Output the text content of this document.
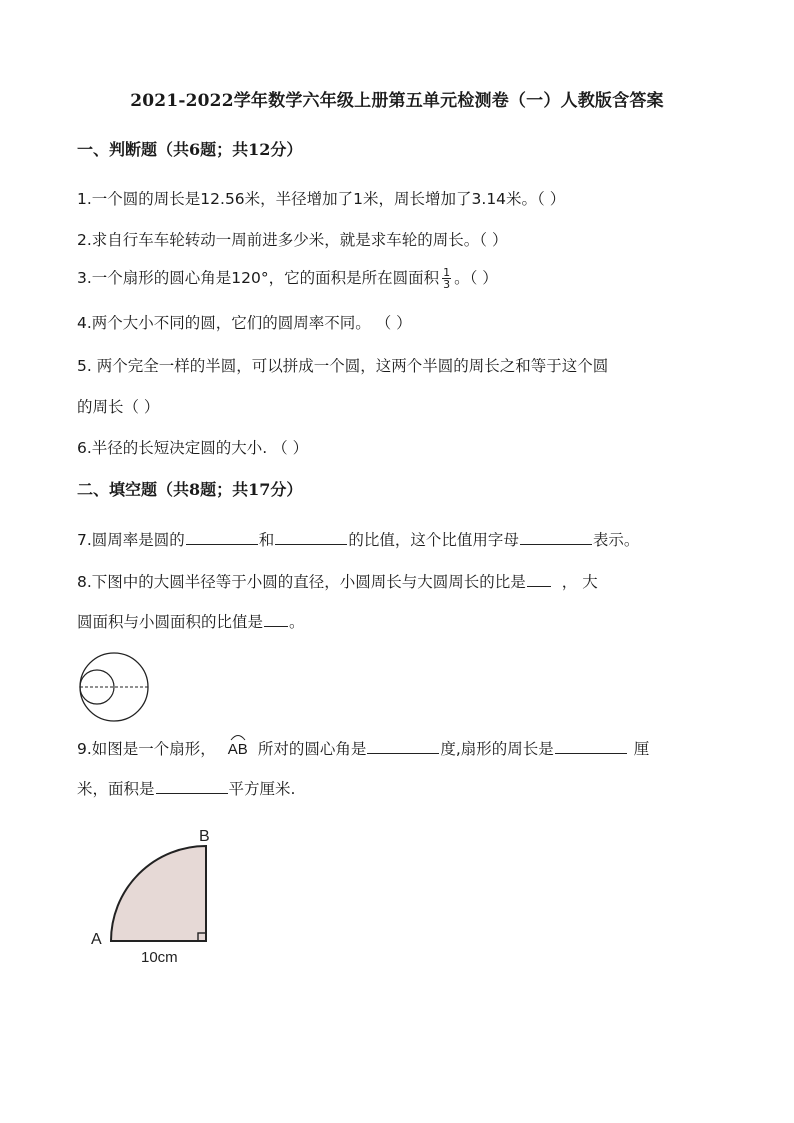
2021-2022学年数学六年级上册第五单元检测卷（一）人教版含答案
一、判断题（共6题；共12分）
1.一个圆的周长是12.56米，半径增加了1米，周长增加了3.14米。（ ）
2.求自行车车轮转动一周前进多少米，就是求车轮的周长。（ ）
3.一个扇形的圆心角是120°，它的面积是所在圆面积 $\frac{1}{3}$ 。（ ）
4.两个大小不同的圆，它们的圆周率不同。 （ ）
5. 两个完全一样的半圆，可以拼成一个圆，这两个半圆的周长之和等于这个圆
的周长（ ）
6.半径的长短决定圆的大小. （ ）
二、填空题（共8题；共17分）
7.圆周率是圆的	和	的比值，这个比值用字母	表示。
8.下图中的大圆半径等于小圆的直径，小圆周长与大圆周长的比是 ， 大
圆面积与小圆面积的比值是 。
9.如图是一个扇形， AB 所对的圆心角是	度,扇形的周长是	厘
米，面积是	平方厘米.
A
B
10cm
